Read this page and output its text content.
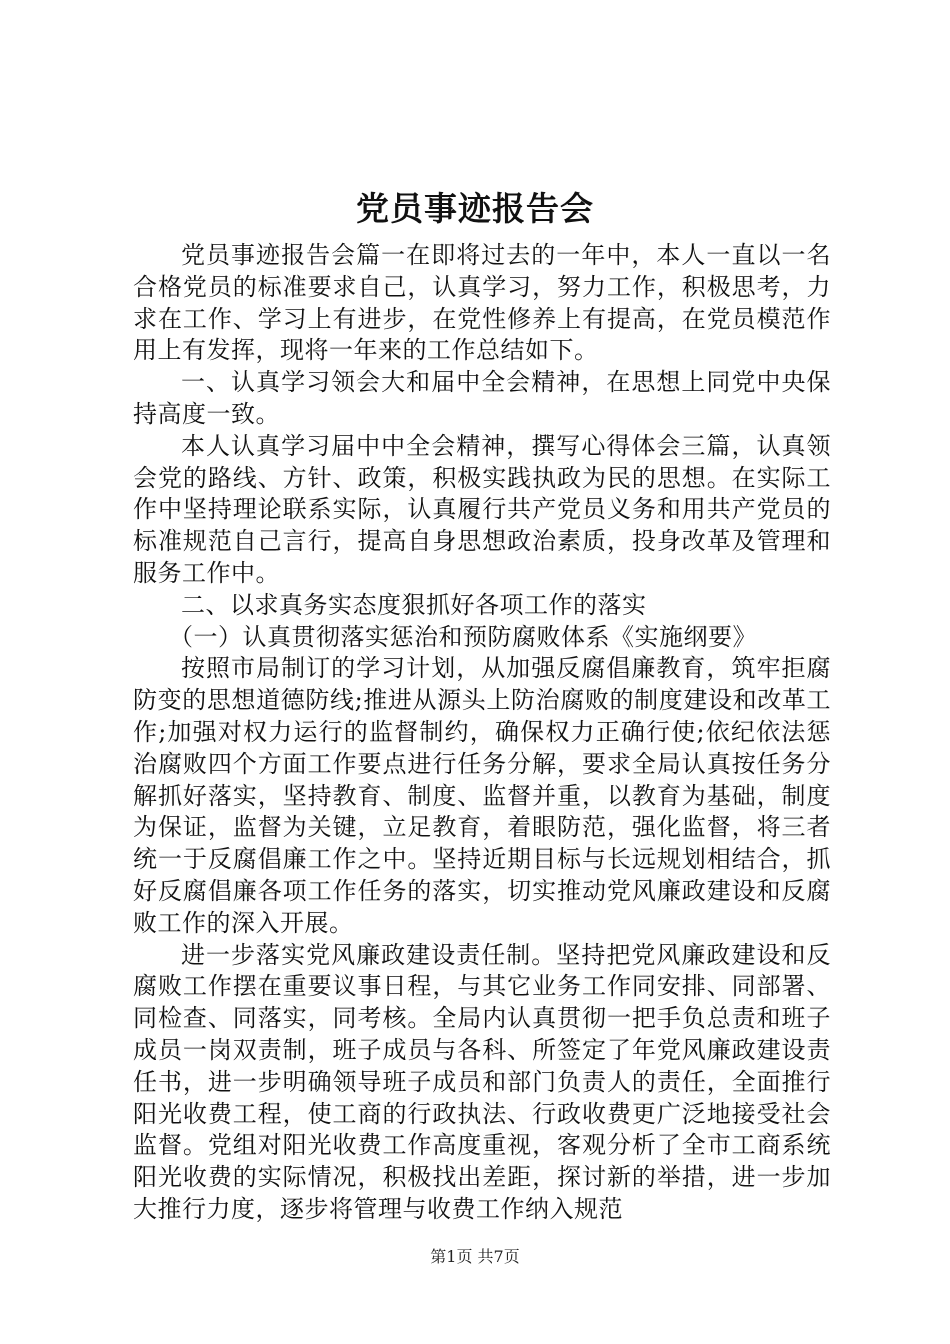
党员事迹报告会

党员事迹报告会篇一在即将过去的一年中，本人一直以一名合格党员的标准要求自己，认真学习，努力工作，积极思考，力求在工作、学习上有进步，在党性修养上有提高，在党员模范作用上有发挥，现将一年来的工作总结如下。

一、认真学习领会大和届中全会精神，在思想上同党中央保持高度一致。

本人认真学习届中中全会精神，撰写心得体会三篇，认真领会党的路线、方针、政策，积极实践执政为民的思想。在实际工作中坚持理论联系实际，认真履行共产党员义务和用共产党员的标准规范自己言行，提高自身思想政治素质，投身改革及管理和服务工作中。

二、以求真务实态度狠抓好各项工作的落实

（一）认真贯彻落实惩治和预防腐败体系《实施纲要》

按照市局制订的学习计划，从加强反腐倡廉教育，筑牢拒腐防变的思想道德防线;推进从源头上防治腐败的制度建设和改革工作;加强对权力运行的监督制约，确保权力正确行使;依纪依法惩治腐败四个方面工作要点进行任务分解，要求全局认真按任务分解抓好落实，坚持教育、制度、监督并重，以教育为基础，制度为保证，监督为关键，立足教育，着眼防范，强化监督，将三者统一于反腐倡廉工作之中。坚持近期目标与长远规划相结合，抓好反腐倡廉各项工作任务的落实，切实推动党风廉政建设和反腐败工作的深入开展。

进一步落实党风廉政建设责任制。坚持把党风廉政建设和反腐败工作摆在重要议事日程，与其它业务工作同安排、同部署、同检查、同落实，同考核。全局内认真贯彻一把手负总责和班子成员一岗双责制，班子成员与各科、所签定了年党风廉政建设责任书，进一步明确领导班子成员和部门负责人的责任，全面推行阳光收费工程，使工商的行政执法、行政收费更广泛地接受社会监督。党组对阳光收费工作高度重视，客观分析了全市工商系统阳光收费的实际情况，积极找出差距，探讨新的举措，进一步加大推行力度，逐步将管理与收费工作纳入规范

第1页 共7页
